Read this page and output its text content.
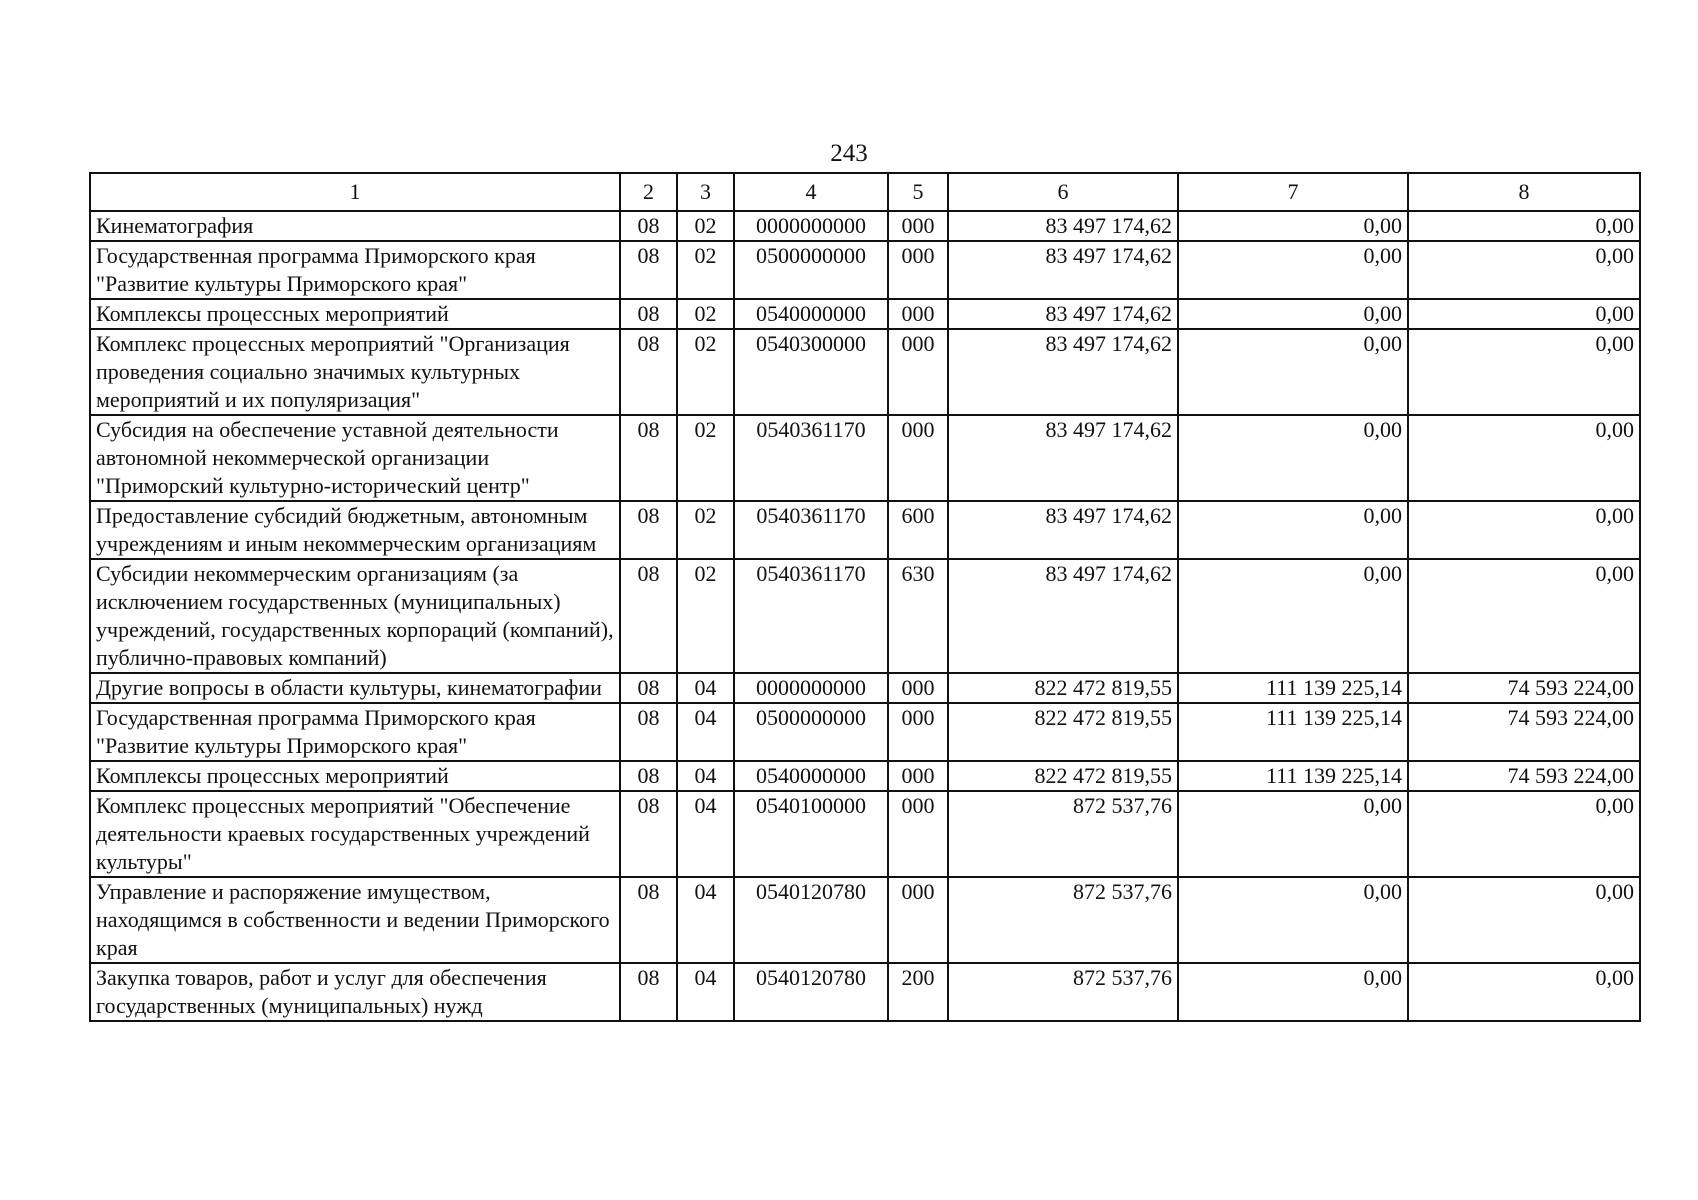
243
1	2	3	4	5	6	7	8
Кинематография	08	02	0000000000	000	83 497 174,62	0,00	0,00
Государственная программа Приморского края "Развитие культуры Приморского края"	08	02	0500000000	000	83 497 174,62	0,00	0,00
Комплексы процессных мероприятий	08	02	0540000000	000	83 497 174,62	0,00	0,00
Комплекс процессных мероприятий "Организация проведения социально значимых культурных мероприятий и их популяризация"	08	02	0540300000	000	83 497 174,62	0,00	0,00
Субсидия на обеспечение уставной деятельности автономной некоммерческой организации "Приморский культурно-исторический центр"	08	02	0540361170	000	83 497 174,62	0,00	0,00
Предоставление субсидий бюджетным, автономным учреждениям и иным некоммерческим организациям	08	02	0540361170	600	83 497 174,62	0,00	0,00
Субсидии некоммерческим организациям (за исключением государственных (муниципальных) учреждений, государственных корпораций (компаний), публично-правовых компаний)	08	02	0540361170	630	83 497 174,62	0,00	0,00
Другие вопросы в области культуры, кинематографии	08	04	0000000000	000	822 472 819,55	111 139 225,14	74 593 224,00
Государственная программа Приморского края "Развитие культуры Приморского края"	08	04	0500000000	000	822 472 819,55	111 139 225,14	74 593 224,00
Комплексы процессных мероприятий	08	04	0540000000	000	822 472 819,55	111 139 225,14	74 593 224,00
Комплекс процессных мероприятий "Обеспечение деятельности краевых государственных учреждений культуры"	08	04	0540100000	000	872 537,76	0,00	0,00
Управление и распоряжение имуществом, находящимся в собственности и ведении Приморского края	08	04	0540120780	000	872 537,76	0,00	0,00
Закупка товаров, работ и услуг для обеспечения государственных (муниципальных) нужд	08	04	0540120780	200	872 537,76	0,00	0,00
